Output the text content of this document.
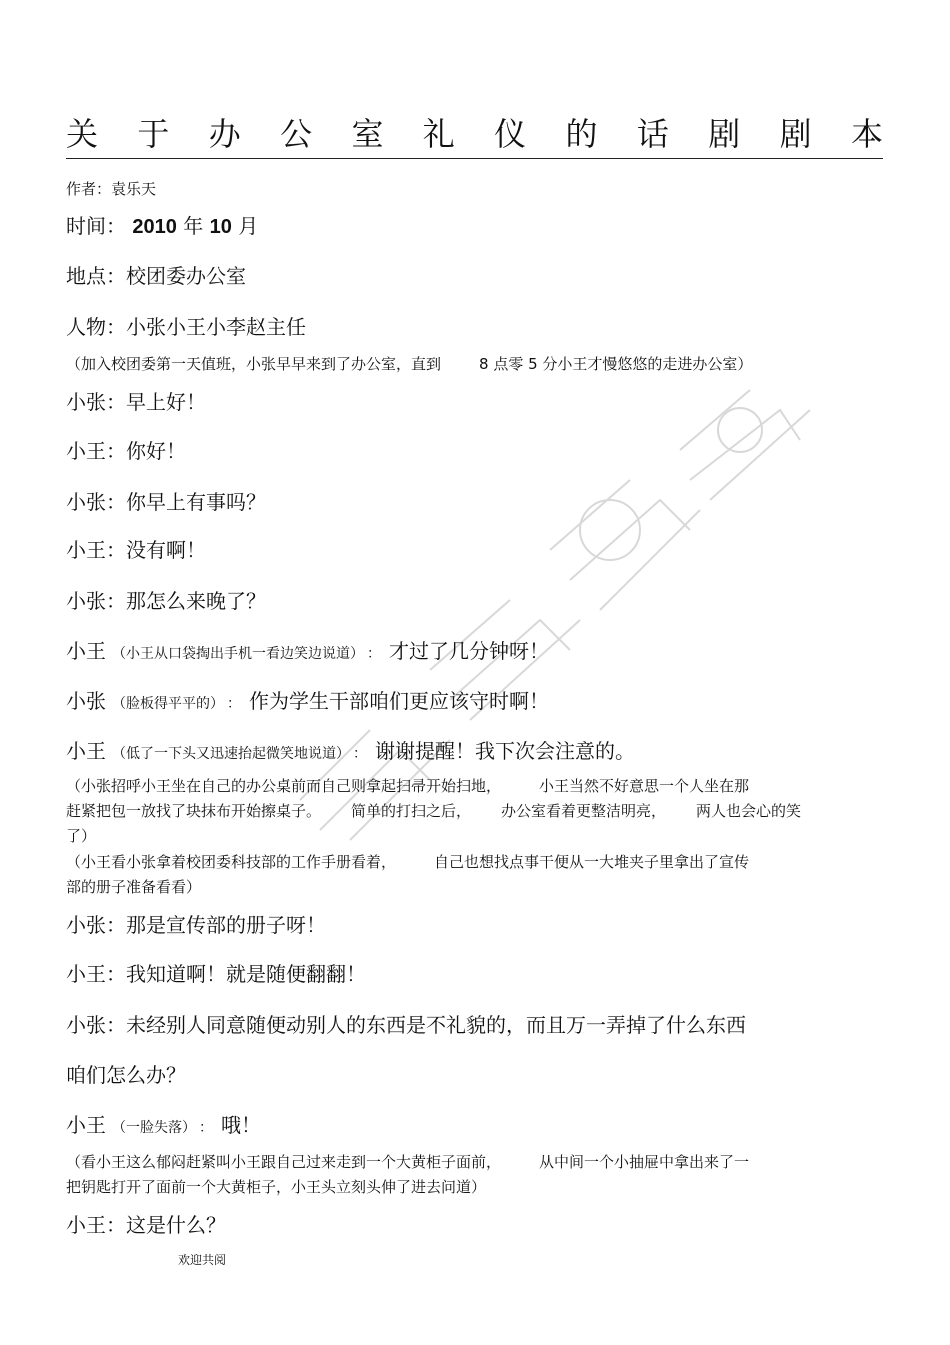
关 于 办 公 室 礼 仪 的 话 剧 剧 本
作者：袁乐天
时间： 2010 年 10 月
地点：校团委办公室
人物：小张小王小李赵主任
（加入校团委第一天值班，小张早早来到了办公室，直到	8 点零 5 分小王才慢悠悠的走进办公室）
小张：早上好！
小王：你好！
小张：你早上有事吗？
小王：没有啊！
小张：那怎么来晚了？
小王 （小王从口袋掏出手机一看边笑边说道） ： 才过了几分钟呀！
小张 （脸板得平平的） ： 作为学生干部咱们更应该守时啊！
小王 （低了一下头又迅速抬起微笑地说道） ： 谢谢提醒！我下次会注意的。
（小张招呼小王坐在自己的办公桌前而自己则拿起扫帚开始扫地，	小王当然不好意思一个人坐在那
赶紧把包一放找了块抹布开始擦桌子。 简单的打扫之后， 办公室看着更整洁明亮， 两人也会心的笑
了）
（小王看小张拿着校团委科技部的工作手册看着，	自己也想找点事干便从一大堆夹子里拿出了宣传
部的册子准备看看）
小张：那是宣传部的册子呀！
小王：我知道啊！就是随便翻翻！
小张：未经别人同意随便动别人的东西是不礼貌的，而且万一弄掉了什么东西
咱们怎么办？
小王 （一脸失落） ： 哦！
（看小王这么郁闷赶紧叫小王跟自己过来走到一个大黄柜子面前，	从中间一个小抽屉中拿出来了一
把钥匙打开了面前一个大黄柜子，小王头立刻头伸了进去问道）
小王：这是什么？
欢迎共阅
